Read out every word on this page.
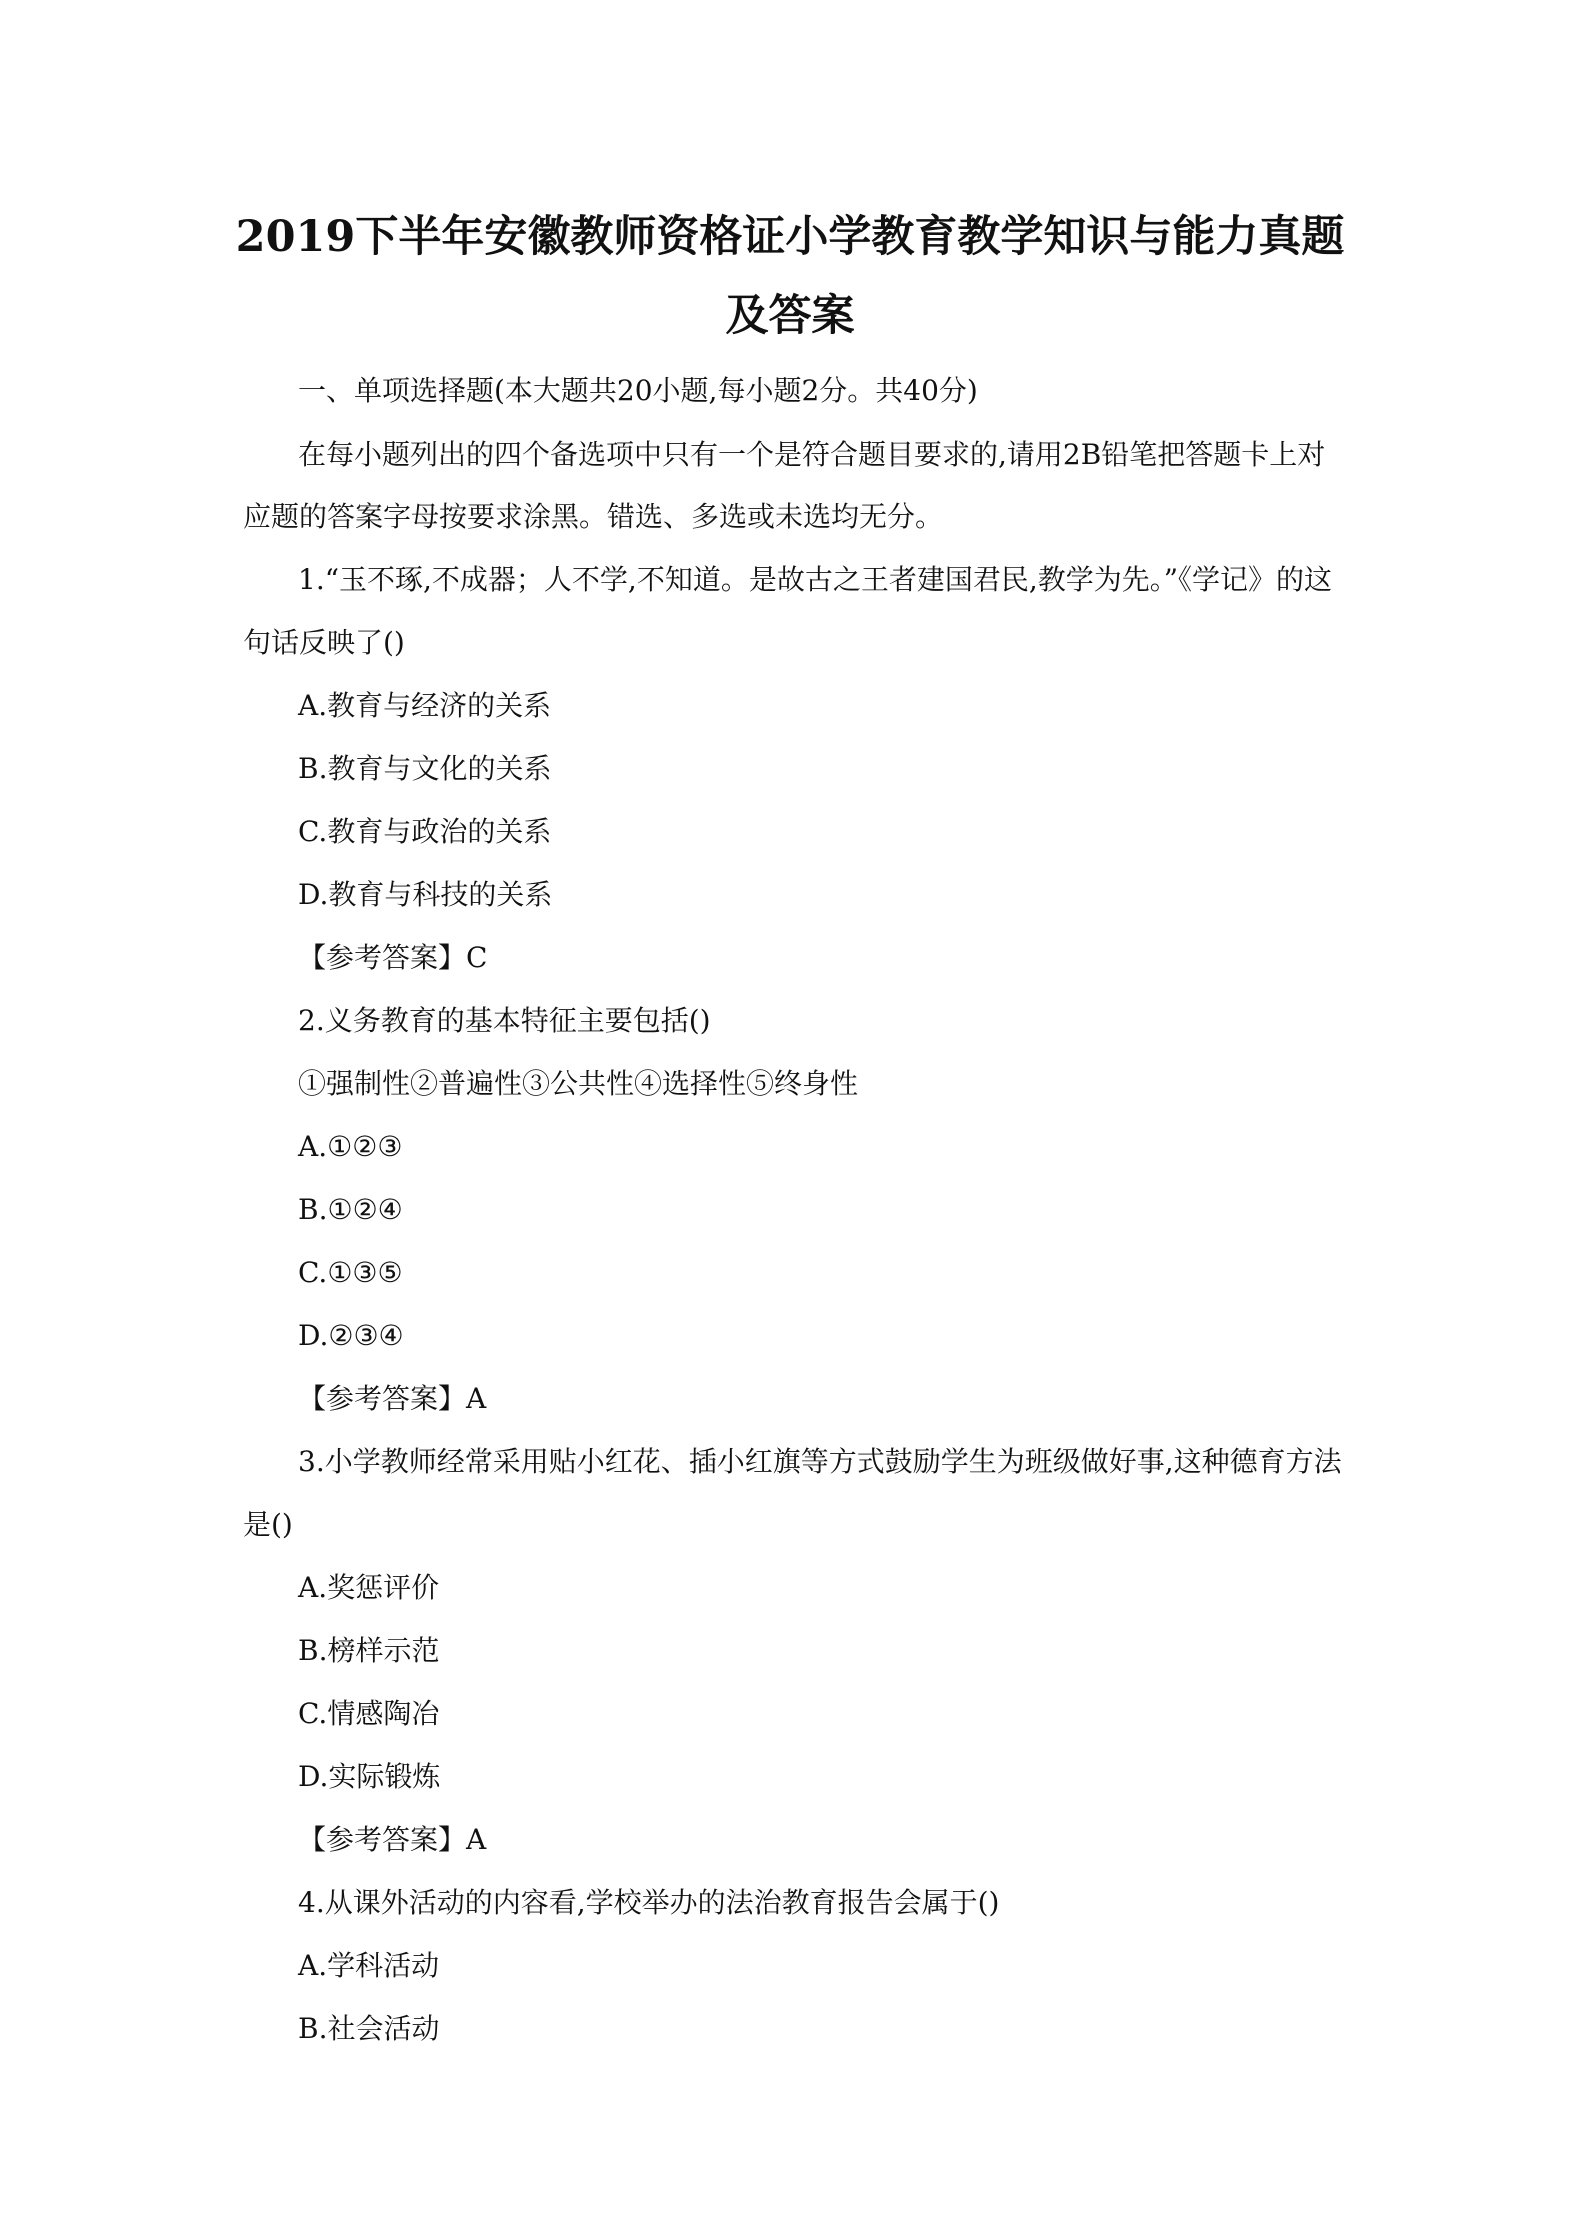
2019下半年安徽教师资格证小学教育教学知识与能力真题
及答案

一、单项选择题(本大题共20小题,每小题2分。共40分)

在每小题列出的四个备选项中只有一个是符合题目要求的,请用2B铅笔把答题卡上对

应题的答案字母按要求涂黑。错选、多选或未选均无分。

1.“玉不琢,不成器；人不学,不知道。是故古之王者建国君民,教学为先。”《学记》的这

句话反映了()

A.教育与经济的关系

B.教育与文化的关系

C.教育与政治的关系

D.教育与科技的关系

【参考答案】C

2.义务教育的基本特征主要包括()

①强制性②普遍性③公共性④选择性⑤终身性

A.①②③

B.①②④

C.①③⑤

D.②③④

【参考答案】A

3.小学教师经常采用贴小红花、插小红旗等方式鼓励学生为班级做好事,这种德育方法

是()

A.奖惩评价

B.榜样示范

C.情感陶冶

D.实际锻炼

【参考答案】A

4.从课外活动的内容看,学校举办的法治教育报告会属于()

A.学科活动

B.社会活动
